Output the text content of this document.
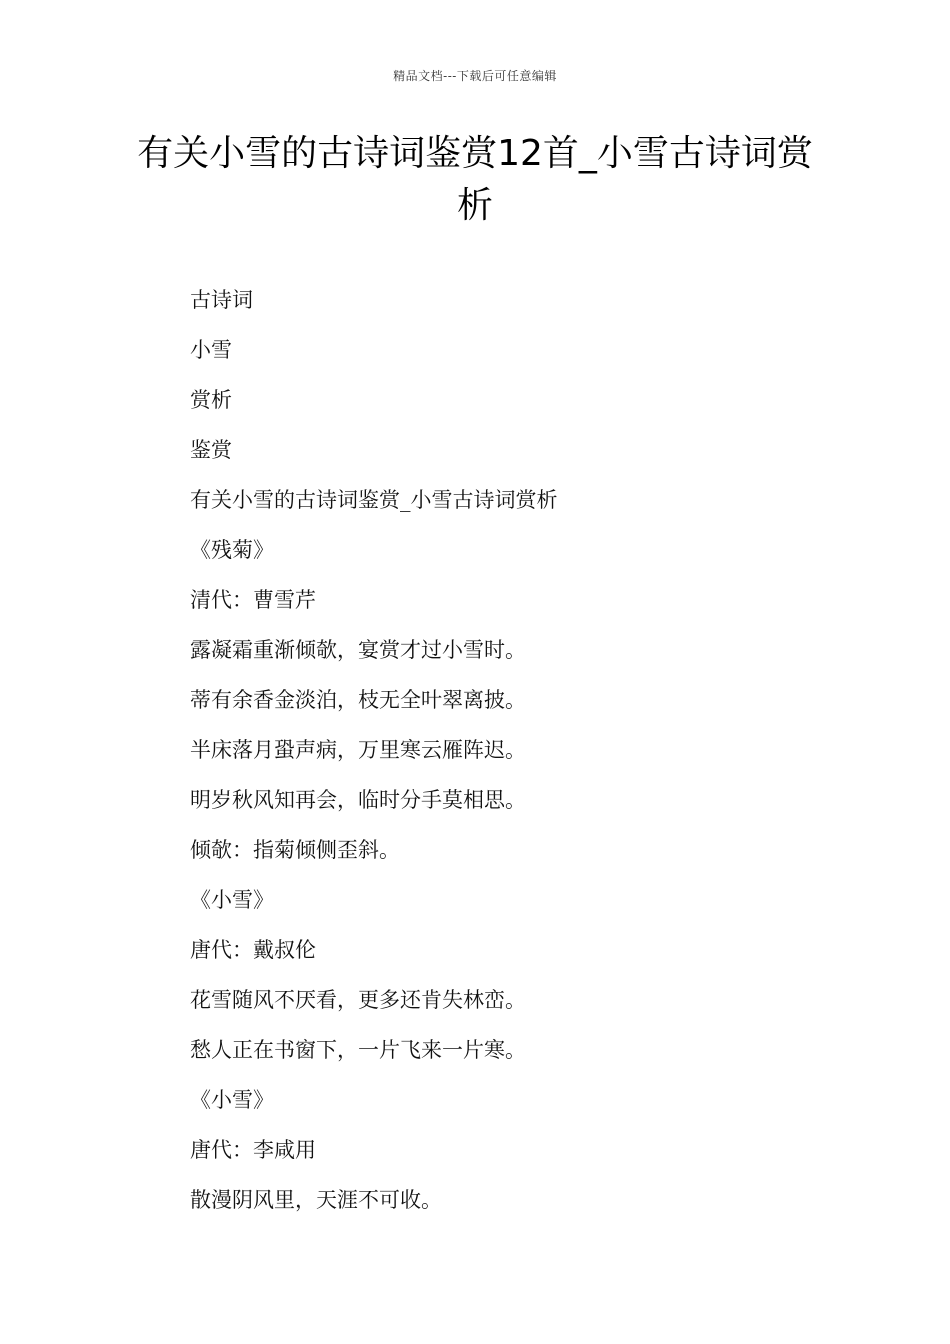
精品文档---下载后可任意编辑
有关小雪的古诗词鉴赏12首_小雪古诗词赏析
古诗词
小雪
赏析
鉴赏
有关小雪的古诗词鉴赏_小雪古诗词赏析
《残菊》
清代：曹雪芹
露凝霜重渐倾欹，宴赏才过小雪时。
蒂有余香金淡泊，枝无全叶翠离披。
半床落月蛩声病，万里寒云雁阵迟。
明岁秋风知再会，临时分手莫相思。
倾欹：指菊倾侧歪斜。
《小雪》
唐代：戴叔伦
花雪随风不厌看，更多还肯失林峦。
愁人正在书窗下，一片飞来一片寒。
《小雪》
唐代：李咸用
散漫阴风里，天涯不可收。
